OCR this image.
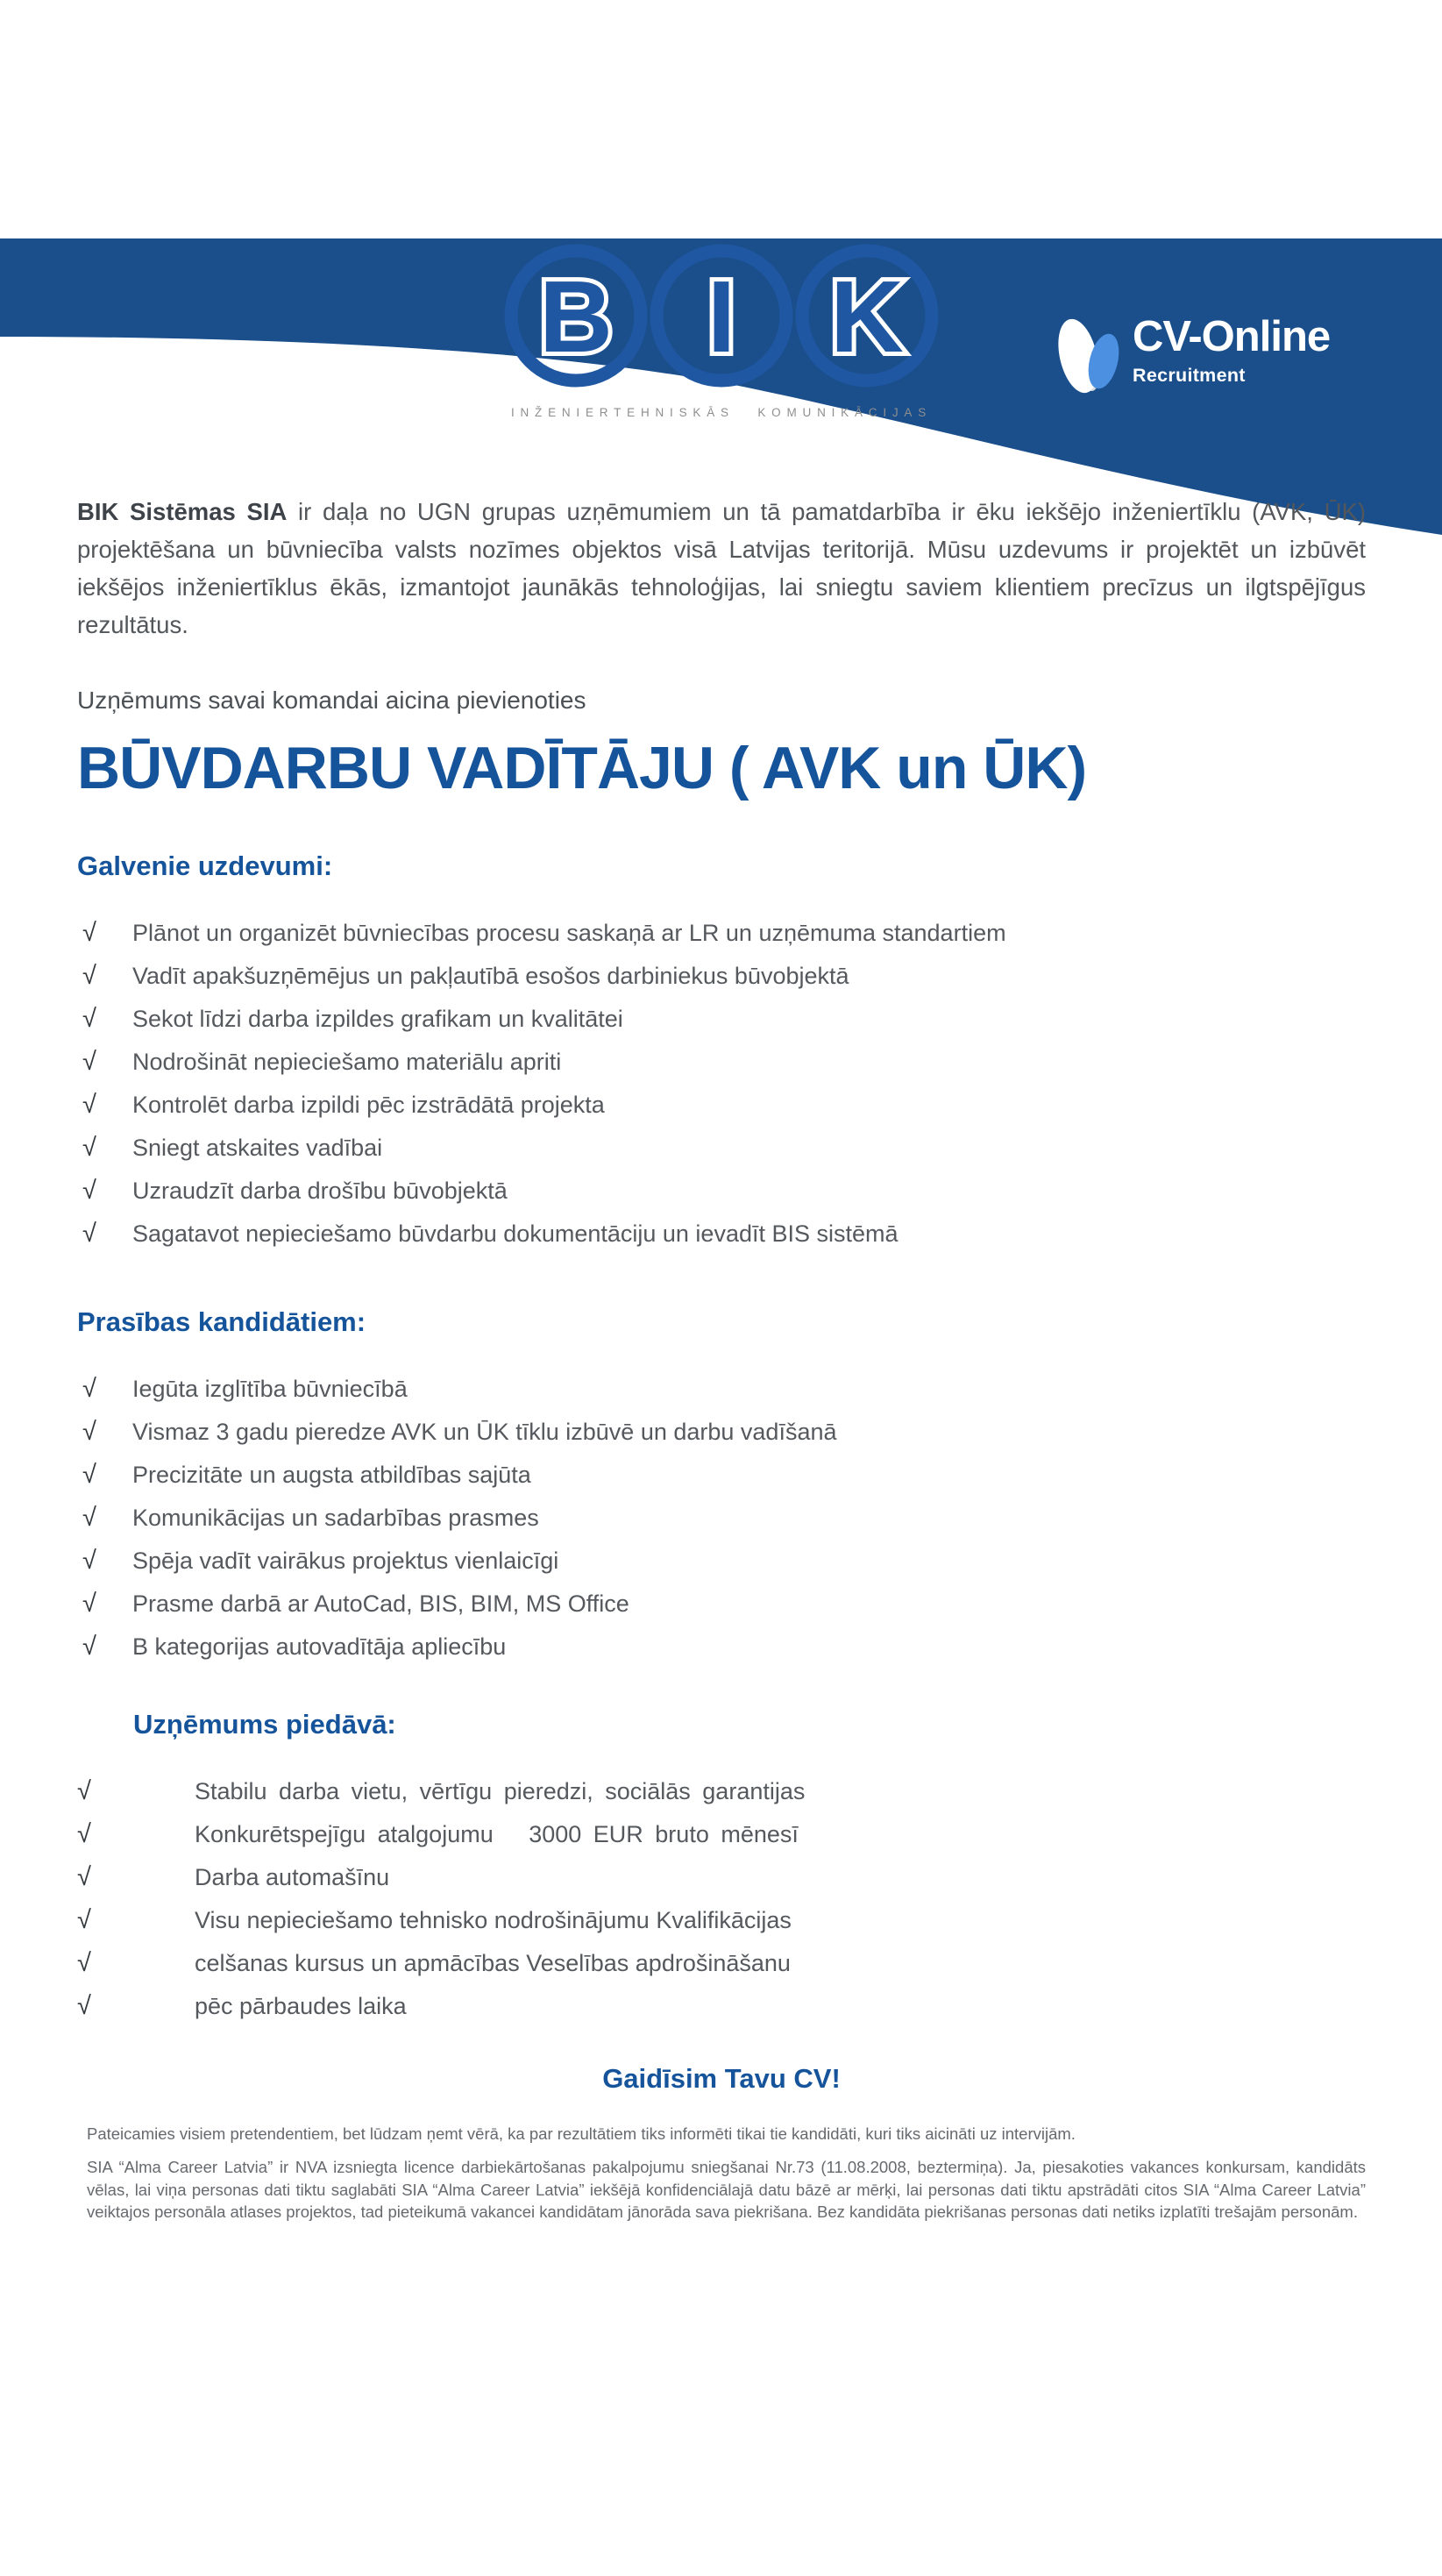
CV-Online
Recruitment
B I K
INŽENIERTEHNISKĀS KOMUNIKĀCIJAS

BIK Sistēmas SIA ir daļa no UGN grupas uzņēmumiem un tā pamatdarbība ir ēku iekšējo inženiertīklu (AVK, ŪK) projektēšana un būvniecība valsts nozīmes objektos visā Latvijas teritorijā. Mūsu uzdevums ir projektēt un izbūvēt iekšējos inženiertīklus ēkās, izmantojot jaunākās tehnoloģijas, lai sniegtu saviem klientiem precīzus un ilgtspējīgus rezultātus.

Uzņēmums savai komandai aicina pievienoties
BŪVDARBU VADĪTĀJU ( AVK un ŪK)
Galvenie uzdevumi:
√	Plānot un organizēt būvniecības procesu saskaņā ar LR un uzņēmuma standartiem
√	Vadīt apakšuzņēmējus un pakļautībā esošos darbiniekus būvobjektā
√	Sekot līdzi darba izpildes grafikam un kvalitātei
√	Nodrošināt nepieciešamo materiālu apriti
√	Kontrolēt darba izpildi pēc izstrādātā projekta
√	Sniegt atskaites vadībai
√	Uzraudzīt darba drošību būvobjektā
√	Sagatavot nepieciešamo būvdarbu dokumentāciju un ievadīt BIS sistēmā
Prasības kandidātiem:
√	Iegūta izglītība būvniecībā
√	Vismaz 3 gadu pieredze AVK un ŪK tīklu izbūvē un darbu vadīšanā
√	Precizitāte un augsta atbildības sajūta
√	Komunikācijas un sadarbības prasmes
√	Spēja vadīt vairākus projektus vienlaicīgi
√	Prasme darbā ar AutoCad, BIS, BIM, MS Office
√	B kategorijas autovadītāja apliecību
Uzņēmums piedāvā:
√	Stabilu darba vietu, vērtīgu pieredzi, sociālās garantijas
√	Konkurētspejīgu atalgojumu   3000 EUR bruto mēnesī
√	Darba automašīnu
√	Visu nepieciešamo tehnisko nodrošinājumu Kvalifikācijas
√	celšanas kursus un apmācības Veselības apdrošināšanu
√	pēc pārbaudes laika
Gaidīsim Tavu CV!

Pateicamies visiem pretendentiem, bet lūdzam ņemt vērā, ka par rezultātiem tiks informēti tikai tie kandidāti, kuri tiks aicināti uz intervijām.

SIA “Alma Career Latvia” ir NVA izsniegta licence darbiekārtošanas pakalpojumu sniegšanai Nr.73 (11.08.2008, beztermiņa). Ja, piesakoties vakances konkursam, kandidāts vēlas, lai viņa personas dati tiktu saglabāti SIA “Alma Career Latvia” iekšējā konfidenciālajā datu bāzē ar mērķi, lai personas dati tiktu apstrādāti citos SIA “Alma Career Latvia” veiktajos personāla atlases projektos, tad pieteikumā vakancei kandidātam jānorāda sava piekrišana. Bez kandidāta piekrišanas personas dati netiks izplatīti trešajām personām.
